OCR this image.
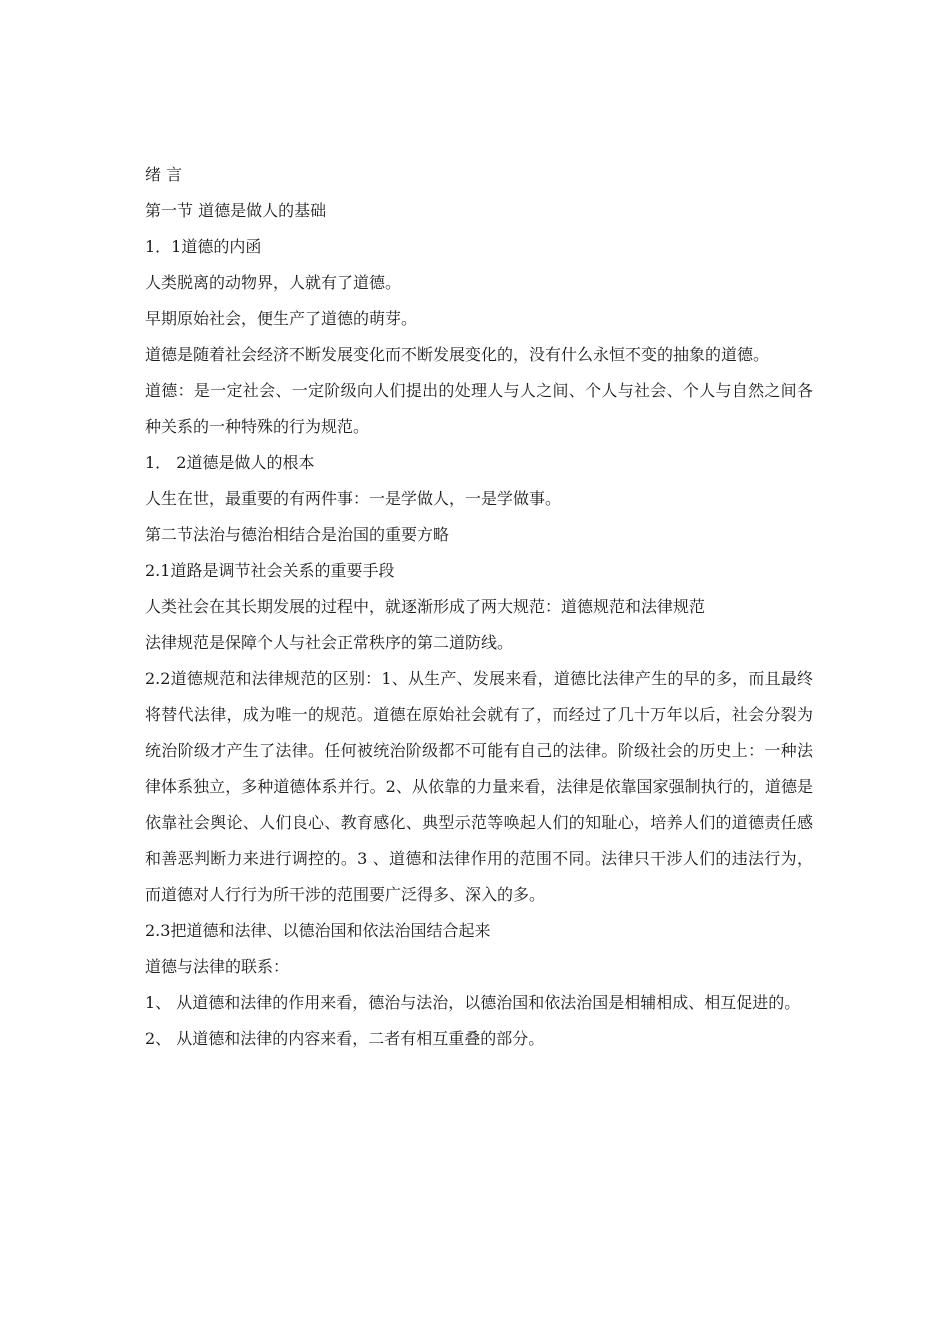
绪 言
第一节 道德是做人的基础
1．1道德的内函
人类脱离的动物界，人就有了道德。
早期原始社会，便生产了道德的萌芽。
道德是随着社会经济不断发展变化而不断发展变化的，没有什么永恒不变的抽象的道德。
道德：是一定社会、一定阶级向人们提出的处理人与人之间、个人与社会、个人与自然之间各种关系的一种特殊的行为规范。
1． 2道德是做人的根本
人生在世，最重要的有两件事：一是学做人，一是学做事。
第二节法治与德治相结合是治国的重要方略
2.1道路是调节社会关系的重要手段
人类社会在其长期发展的过程中，就逐渐形成了两大规范：道德规范和法律规范
法律规范是保障个人与社会正常秩序的第二道防线。
2.2道德规范和法律规范的区别：1、从生产、发展来看，道德比法律产生的早的多，而且最终将替代法律，成为唯一的规范。道德在原始社会就有了，而经过了几十万年以后，社会分裂为统治阶级才产生了法律。任何被统治阶级都不可能有自己的法律。阶级社会的历史上：一种法律体系独立，多种道德体系并行。2、从依靠的力量来看，法律是依靠国家强制执行的，道德是依靠社会舆论、人们良心、教育感化、典型示范等唤起人们的知耻心，培养人们的道德责任感和善恶判断力来进行调控的。3 、道德和法律作用的范围不同。法律只干涉人们的违法行为，而道德对人行行为所干涉的范围要广泛得多、深入的多。
2.3把道德和法律、以德治国和依法治国结合起来
道德与法律的联系：
1、 从道德和法律的作用来看，德治与法治，以德治国和依法治国是相辅相成、相互促进的。
2、 从道德和法律的内容来看，二者有相互重叠的部分。
